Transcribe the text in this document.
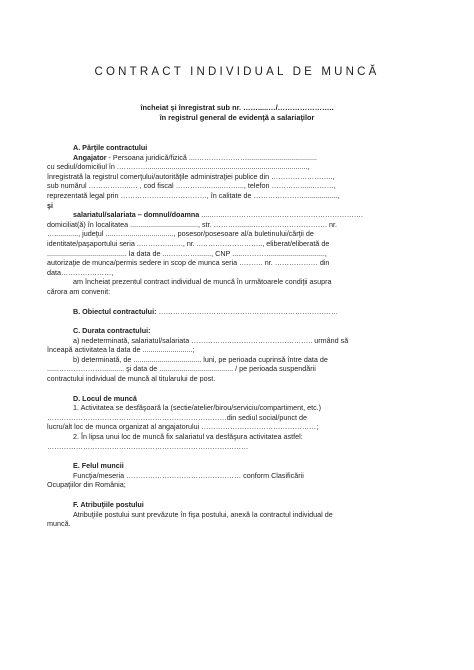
CONTRACT INDIVIDUAL DE MUNCĂ
încheiat şi înregistrat sub nr. …….....…/…………………..
în registrul general de evidenţă a salariaţilor

A. Părţile contractului

Angajator - Persoana juridică/fizică ....…………………...................................

cu sediul/domiciliul în .…………................................................................................,

înregistrată la registrul comerţului/autorităţile administraţiei publice din ……………………..,

sub numărul ……………...… , cod fiscal …………..…....……..., telefon …………......………,

reprezentată legal prin ………………………………, în calitate de ………………….................,

şi

salariatul/salariata – domnul/doamna .....…...………………………………………………….

domiciliat(ă) în localitatea .................................., str. ……….........…………………………. nr.

…............, judeţul ....……......................., posesor/posesoare al/a buletinului/cărţii de

identitate/paşaportului seria ..…………..…., nr. ..…………………….., eliberat/eliberată de

........................................ la data de ...…………......., CNP .....…………...........................,

autorizaţie de munca/permis sedere in scop de munca seria ………. nr. ……………… din

data…………………,

am încheiat prezentul contract individual de muncă în următoarele condiţii asupra

cărora am convenit:

B. Obiectul contractului: …………………………………………………………………

C. Durata contractului:

a) nedeterminată, salariatul/salariata …………….…………………………….. urmând să

înceapă activitatea la data de .........................;

b) determinată, de .................................. luni, pe perioada cuprinsă între data de

......………………........... şi data de ..................................... / pe perioada suspendării

contractului individual de muncă al titularului de post.

D. Locul de muncă

1. Activitatea se desfăşoară la (sectie/atelier/birou/serviciu/compartiment, etc.)

…………………………………………………………………din sediul social/punct de

lucru/alt loc de munca organizat al angajatorului …………………………………………;

2. În lipsa unui loc de muncă fix salariatul va desfăşura activitatea astfel:

…………………………………………………………………………

E. Felul muncii

Funcţia/meseria ………………………………………… conform Clasificării

Ocupaţiilor din România;

F. Atribuţiile postului

Atribuţiile postului sunt prevăzute în fişa postului, anexă la contractul individual de

muncă.
